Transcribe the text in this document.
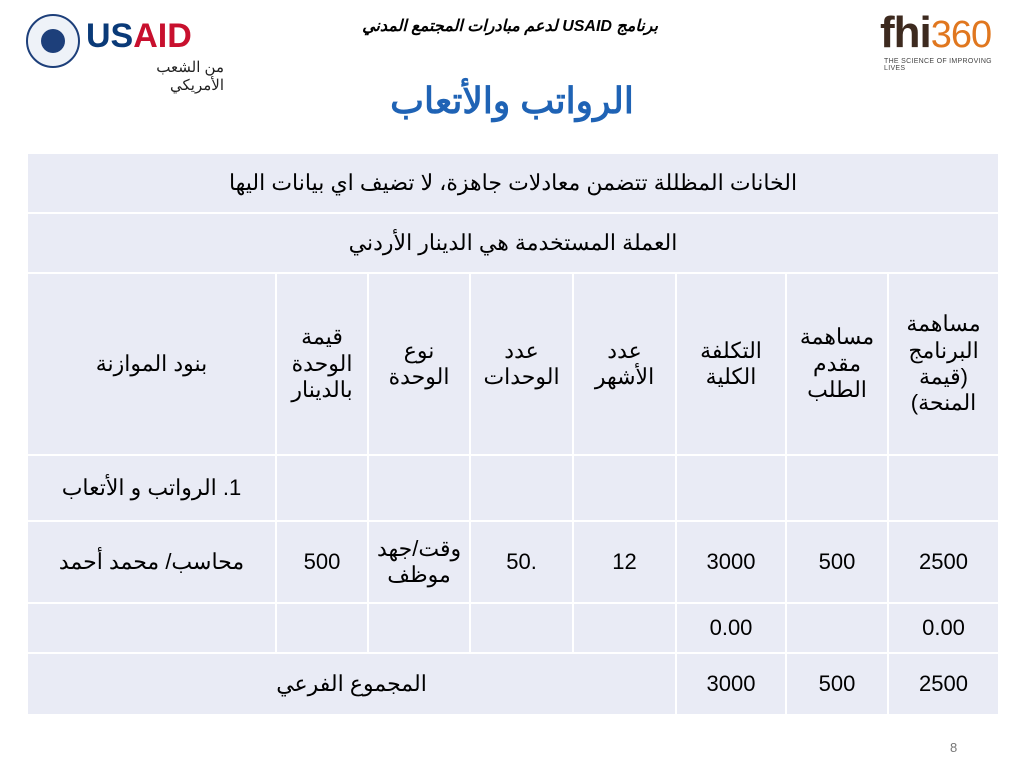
USAID
من الشعب الأمريكي
برنامج USAID لدعم مبادرات المجتمع المدني	fhi360
THE SCIENCE OF IMPROVING LIVES
الرواتب والأتعاب
الخانات المظللة تتضمن معادلات جاهزة، لا تضيف اي بيانات اليها							
العملة المستخدمة هي الدينار الأردني							
مساهمة البرنامج (قيمة المنحة)	مساهمة مقدم الطلب	التكلفة الكلية	عدد الأشهر	عدد الوحدات	نوع الوحدة	قيمة الوحدة بالدينار	بنود الموازنة
							1. الرواتب و الأتعاب
2500	500	3000	12	.50	وقت/جهد موظف	500	محاسب/ محمد أحمد
0.00		0.00					
2500	500	3000	المجموع الفرعي				
8
